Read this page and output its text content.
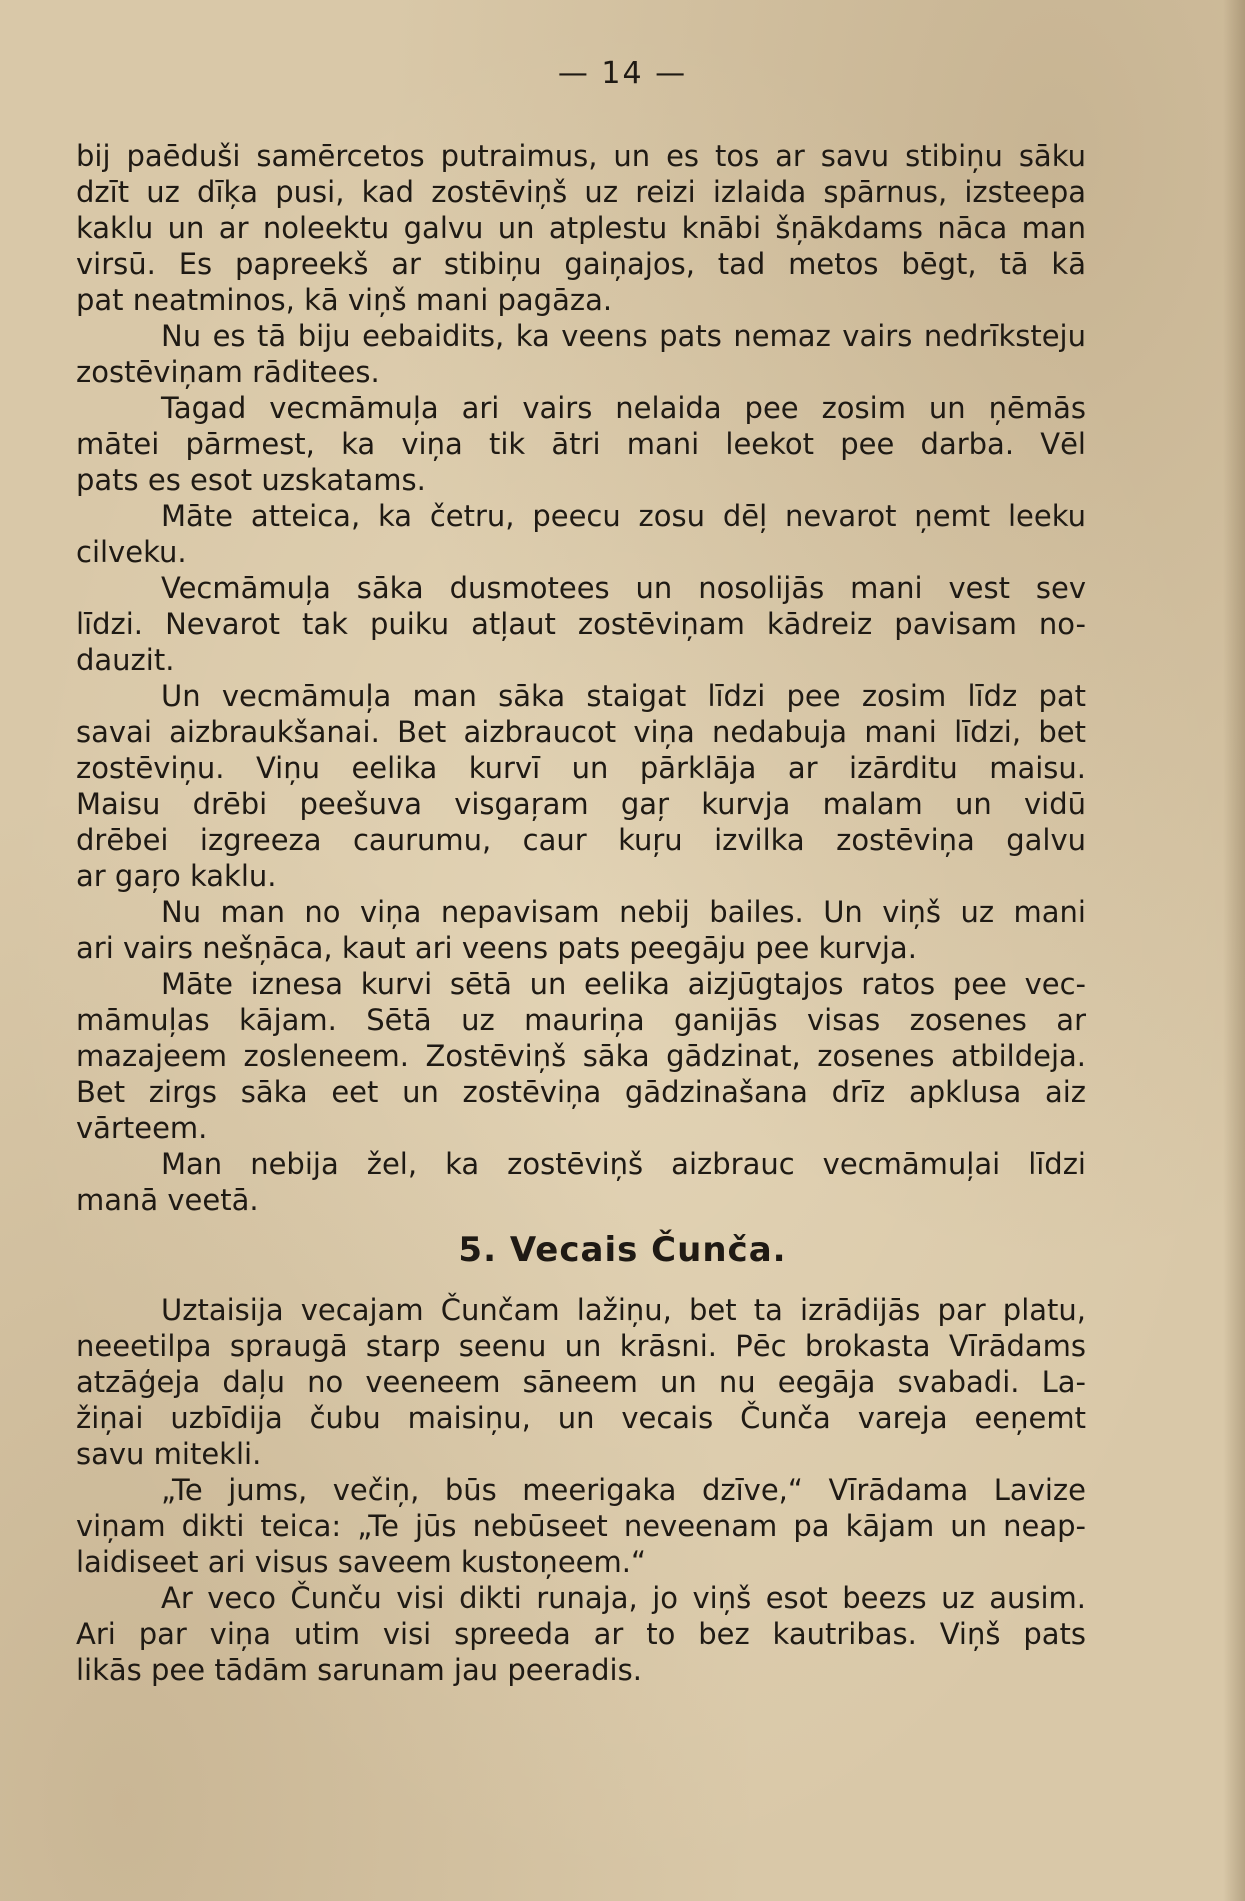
— 14 —
bij paēduši samērcetos putraimus, un es tos ar savu stibiņu sāku
dzīt uz dīķa pusi, kad zostēviņš uz reizi izlaida spārnus, izsteepa
kaklu un ar noleektu galvu un atplestu knābi šņākdams nāca man
virsū. Es papreekš ar stibiņu gaiņajos, tad metos bēgt, tā kā
pat neatminos, kā viņš mani pagāza.
Nu es tā biju eebaidits, ka veens pats nemaz vairs nedrīksteju
zostēviņam rāditees.
Tagad vecmāmuļa ari vairs nelaida pee zosim un ņēmās
mātei pārmest, ka viņa tik ātri mani leekot pee darba. Vēl
pats es esot uzskatams.
Māte atteica, ka četru, peecu zosu dēļ nevarot ņemt leeku
cilveku.
Vecmāmuļa sāka dusmotees un nosolijās mani vest sev
līdzi. Nevarot tak puiku atļaut zostēviņam kādreiz pavisam no-
dauzit.
Un vecmāmuļa man sāka staigat līdzi pee zosim līdz pat
savai aizbraukšanai. Bet aizbraucot viņa nedabuja mani līdzi, bet
zostēviņu. Viņu eelika kurvī un pārklāja ar izārditu maisu.
Maisu drēbi peešuva visgaŗam gaŗ kurvja malam un vidū
drēbei izgreeza caurumu, caur kuŗu izvilka zostēviņa galvu
ar gaŗo kaklu.
Nu man no viņa nepavisam nebij bailes. Un viņš uz mani
ari vairs nešņāca, kaut ari veens pats peegāju pee kurvja.
Māte iznesa kurvi sētā un eelika aizjūgtajos ratos pee vec-
māmuļas kājam. Sētā uz mauriņa ganijās visas zosenes ar
mazajeem zosleneem. Zostēviņš sāka gādzinat, zosenes atbildeja.
Bet zirgs sāka eet un zostēviņa gādzinašana drīz apklusa aiz
vārteem.
Man nebija žel, ka zostēviņš aizbrauc vecmāmuļai līdzi
manā veetā.
5. Vecais Čunča.
Uztaisija vecajam Čunčam lažiņu, bet ta izrādijās par platu,
neeetilpa spraugā starp seenu un krāsni. Pēc brokasta Vīrādams
atzāģeja daļu no veeneem sāneem un nu eegāja svabadi. La-
žiņai uzbīdija čubu maisiņu, un vecais Čunča vareja eeņemt
savu mitekli.
„Te jums, večiņ, būs meerigaka dzīve,“ Vīrādama Lavize
viņam dikti teica: „Te jūs nebūseet neveenam pa kājam un neap-
laidiseet ari visus saveem kustoņeem.“
Ar veco Čunču visi dikti runaja, jo viņš esot beezs uz ausim.
Ari par viņa utim visi spreeda ar to bez kautribas. Viņš pats
likās pee tādām sarunam jau peeradis.
